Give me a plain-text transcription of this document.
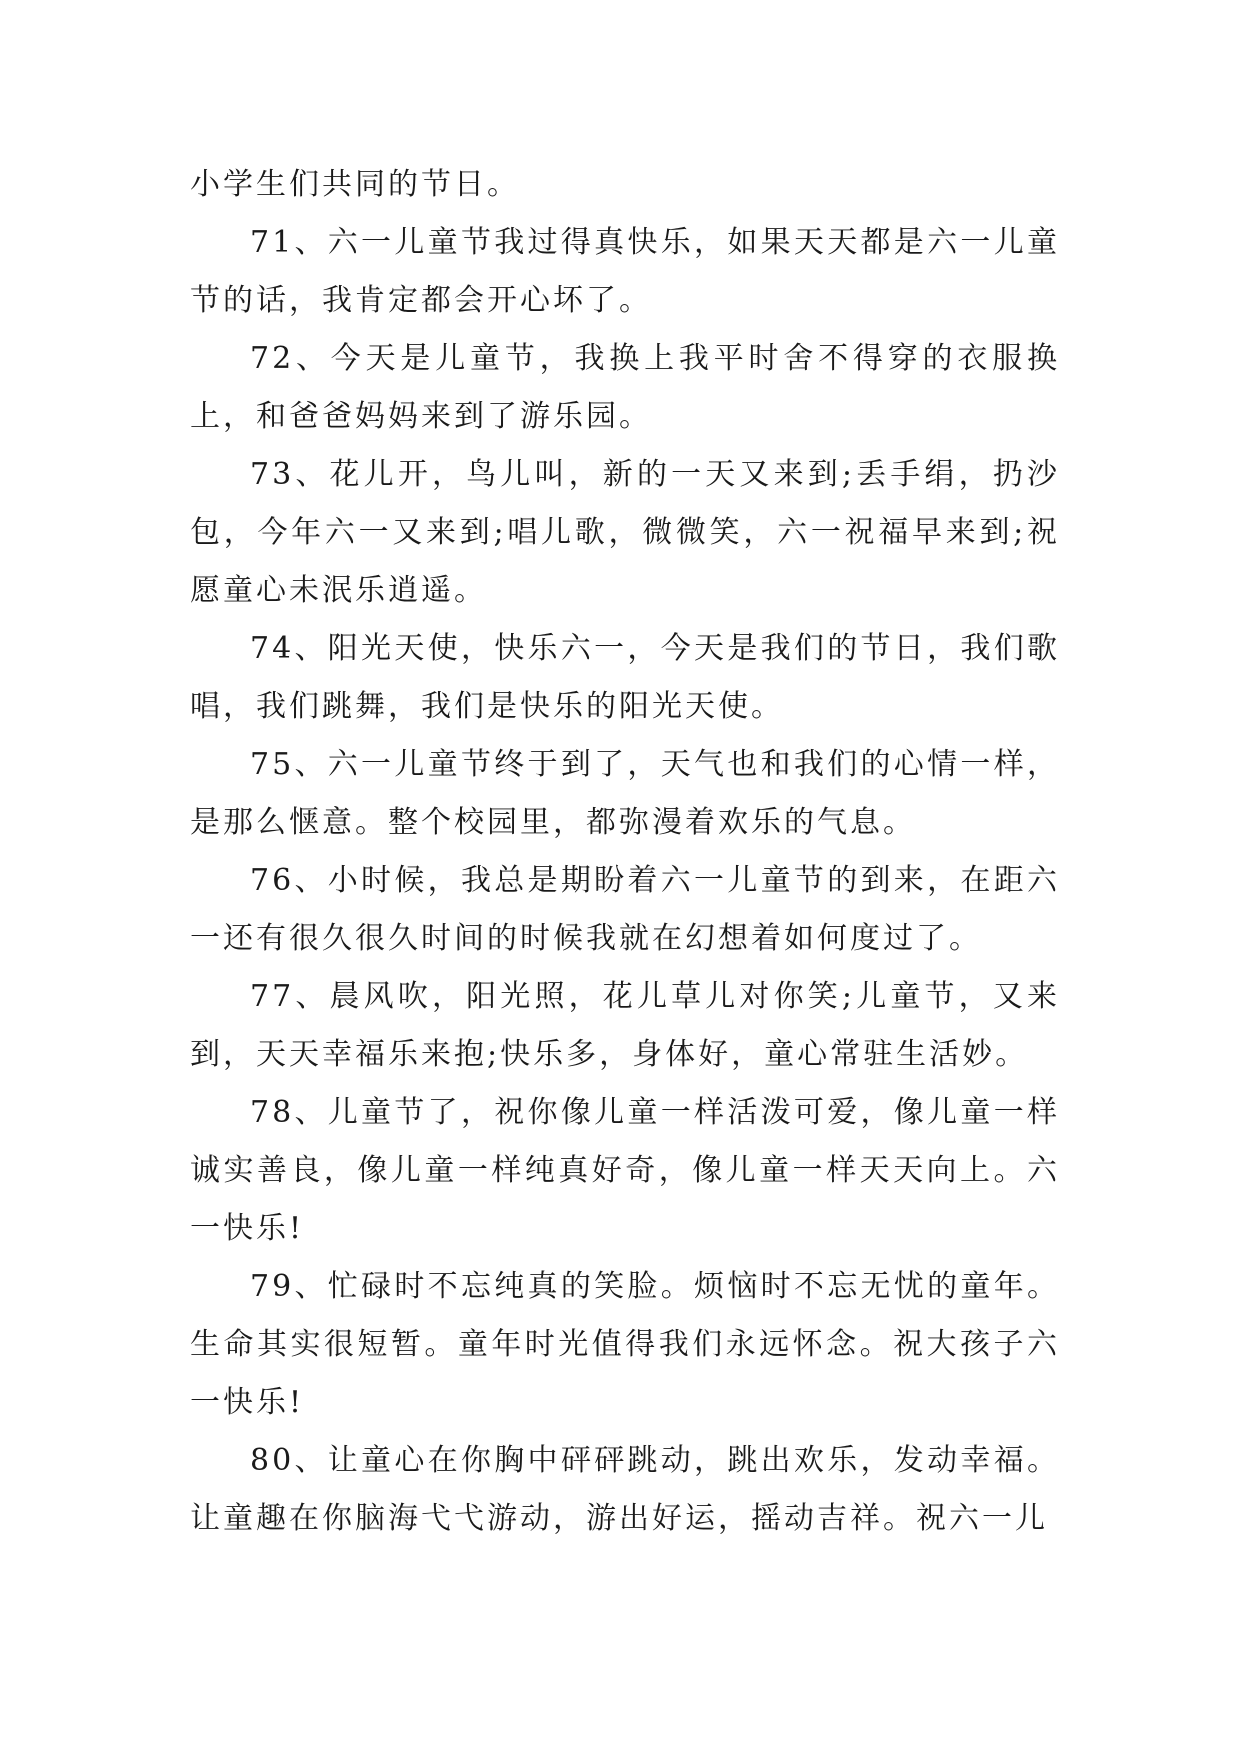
小学生们共同的节日。

71、六一儿童节我过得真快乐，如果天天都是六一儿童节的话，我肯定都会开心坏了。

72、今天是儿童节，我换上我平时舍不得穿的衣服换上，和爸爸妈妈来到了游乐园。

73、花儿开，鸟儿叫，新的一天又来到;丢手绢，扔沙包，今年六一又来到;唱儿歌，微微笑，六一祝福早来到;祝愿童心未泯乐逍遥。

74、阳光天使，快乐六一，今天是我们的节日，我们歌唱，我们跳舞，我们是快乐的阳光天使。

75、六一儿童节终于到了，天气也和我们的心情一样，是那么惬意。整个校园里，都弥漫着欢乐的气息。

76、小时候，我总是期盼着六一儿童节的到来，在距六一还有很久很久时间的时候我就在幻想着如何度过了。

77、晨风吹，阳光照，花儿草儿对你笑;儿童节，又来到，天天幸福乐来抱;快乐多，身体好，童心常驻生活妙。

78、儿童节了，祝你像儿童一样活泼可爱，像儿童一样诚实善良，像儿童一样纯真好奇，像儿童一样天天向上。六一快乐!

79、忙碌时不忘纯真的笑脸。烦恼时不忘无忧的童年。生命其实很短暂。童年时光值得我们永远怀念。祝大孩子六一快乐!

80、让童心在你胸中砰砰跳动，跳出欢乐，发动幸福。让童趣在你脑海弋弋游动，游出好运，摇动吉祥。祝六一儿
